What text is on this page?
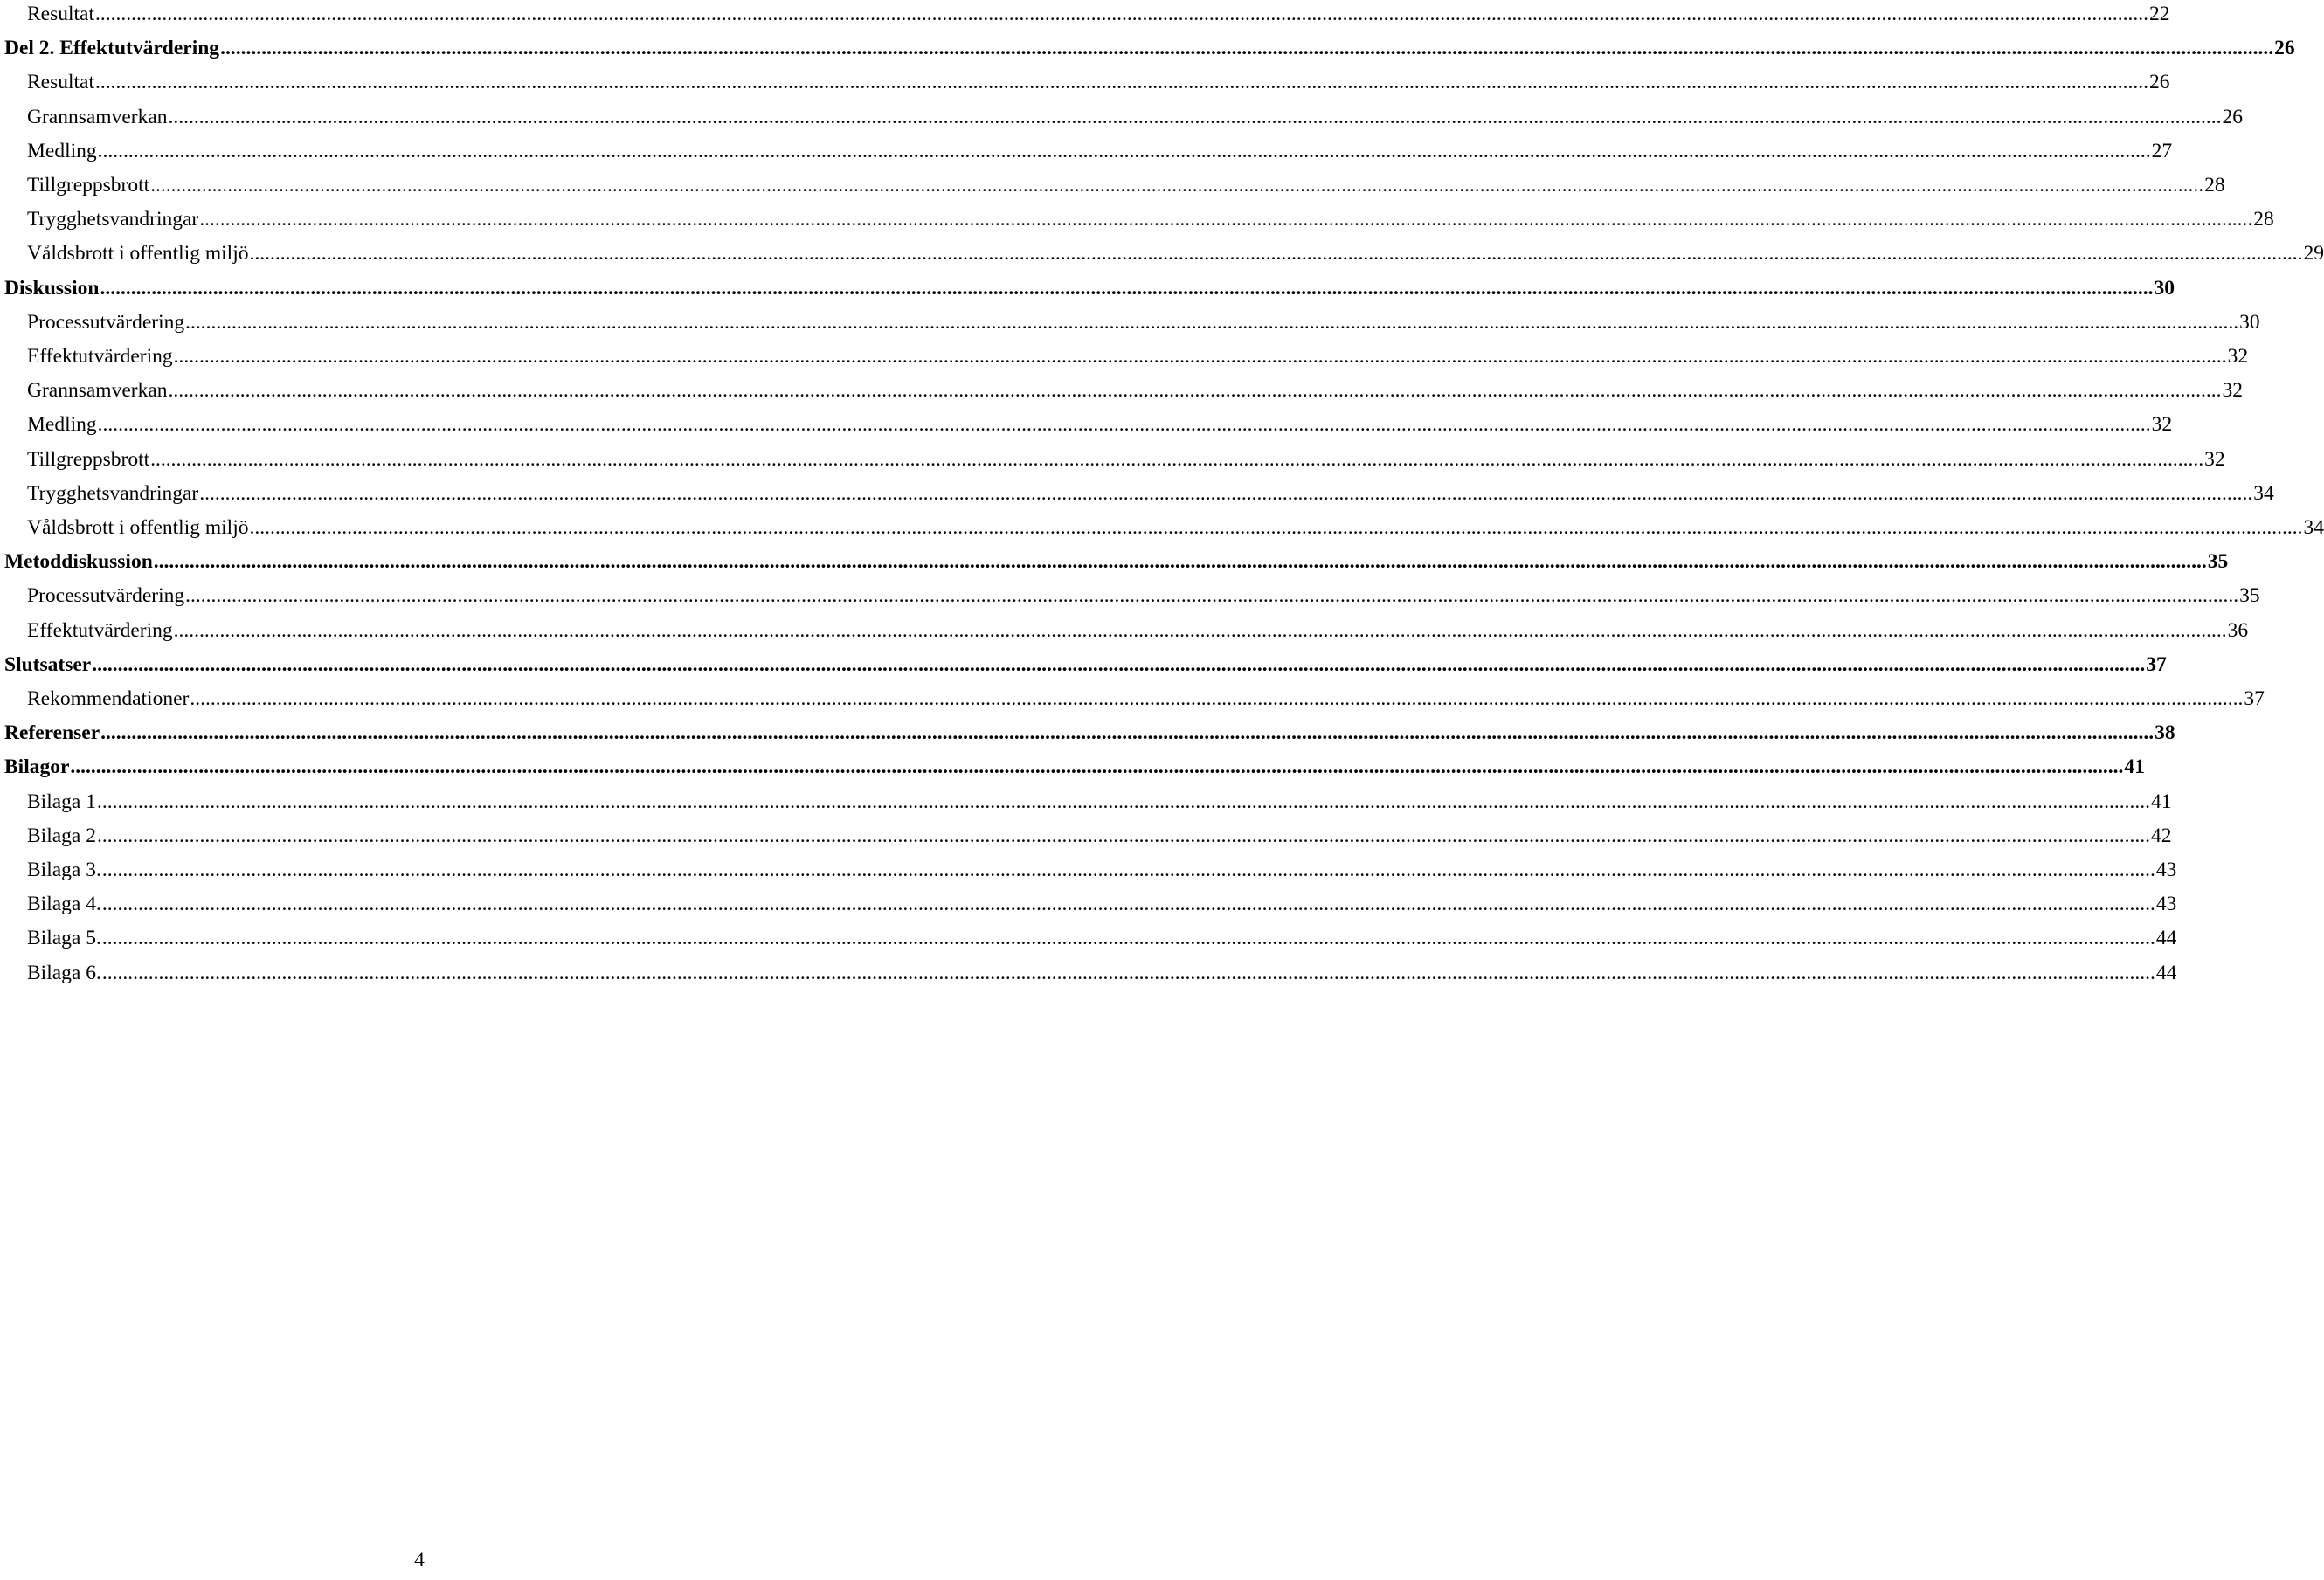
Resultat ................................................................................................................................................................................................................................................................................................................................................................................................................ 22
Del 2. Effektutvärdering ................................................................................................................................................................................................................................................................................................................................................................................................................ 26
Resultat ................................................................................................................................................................................................................................................................................................................................................................................................................ 26
Grannsamverkan ................................................................................................................................................................................................................................................................................................................................................................................................................ 26
Medling ................................................................................................................................................................................................................................................................................................................................................................................................................ 27
Tillgreppsbrott ................................................................................................................................................................................................................................................................................................................................................................................................................ 28
Trygghetsvandringar ................................................................................................................................................................................................................................................................................................................................................................................................................ 28
Våldsbrott i offentlig miljö ................................................................................................................................................................................................................................................................................................................................................................................................................ 29
Diskussion ................................................................................................................................................................................................................................................................................................................................................................................................................ 30
Processutvärdering ................................................................................................................................................................................................................................................................................................................................................................................................................ 30
Effektutvärdering ................................................................................................................................................................................................................................................................................................................................................................................................................ 32
Grannsamverkan ................................................................................................................................................................................................................................................................................................................................................................................................................ 32
Medling ................................................................................................................................................................................................................................................................................................................................................................................................................ 32
Tillgreppsbrott ................................................................................................................................................................................................................................................................................................................................................................................................................ 32
Trygghetsvandringar ................................................................................................................................................................................................................................................................................................................................................................................................................ 34
Våldsbrott i offentlig miljö ................................................................................................................................................................................................................................................................................................................................................................................................................ 34
Metoddiskussion ................................................................................................................................................................................................................................................................................................................................................................................................................ 35
Processutvärdering ................................................................................................................................................................................................................................................................................................................................................................................................................ 35
Effektutvärdering ................................................................................................................................................................................................................................................................................................................................................................................................................ 36
Slutsatser ................................................................................................................................................................................................................................................................................................................................................................................................................ 37
Rekommendationer ................................................................................................................................................................................................................................................................................................................................................................................................................ 37
Referenser ................................................................................................................................................................................................................................................................................................................................................................................................................ 38
Bilagor ................................................................................................................................................................................................................................................................................................................................................................................................................ 41
Bilaga 1 ................................................................................................................................................................................................................................................................................................................................................................................................................ 41
Bilaga 2 ................................................................................................................................................................................................................................................................................................................................................................................................................ 42
Bilaga 3. ................................................................................................................................................................................................................................................................................................................................................................................................................ 43
Bilaga 4. ................................................................................................................................................................................................................................................................................................................................................................................................................ 43
Bilaga 5. ................................................................................................................................................................................................................................................................................................................................................................................................................ 44
Bilaga 6. ................................................................................................................................................................................................................................................................................................................................................................................................................ 44
4
